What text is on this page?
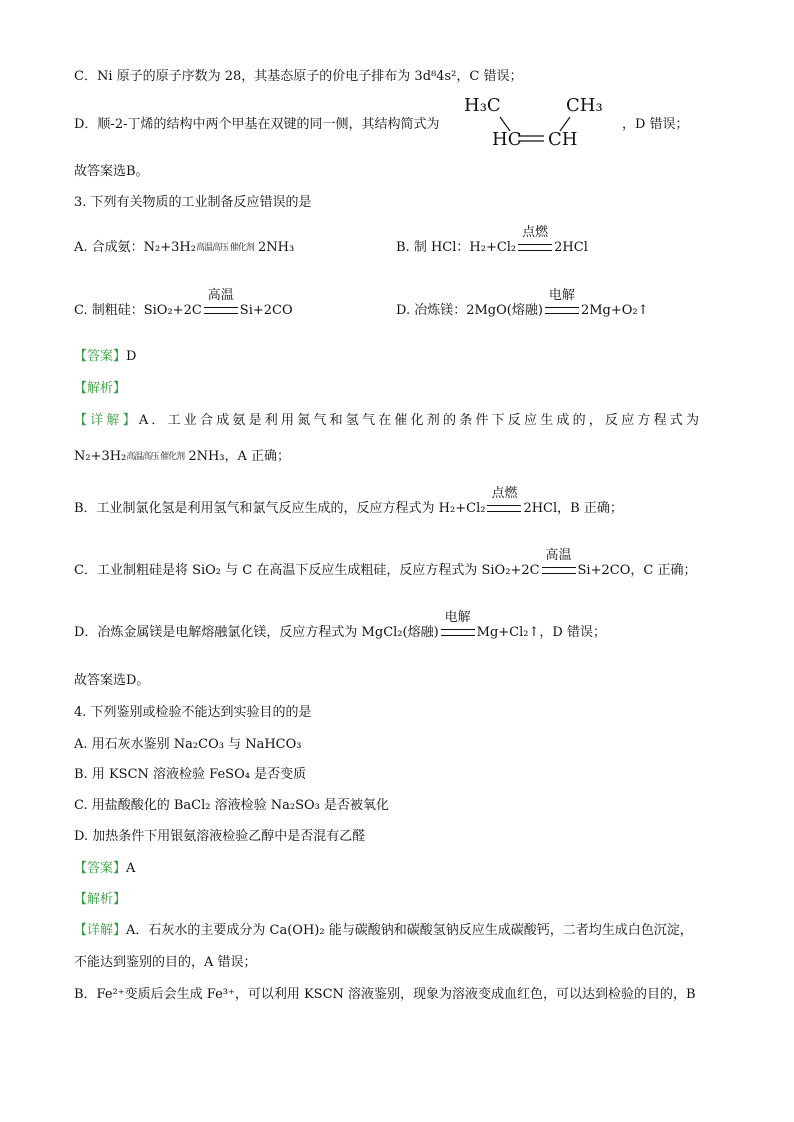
C．Ni 原子的原子序数为 28，其基态原子的价电子排布为 3d⁸4s²，C 错误；
D．顺-2-丁烯的结构中两个甲基在双键的同一侧，其结构简式为
H₃C	CH₃
HC CH
，D 错误；
故答案选B。
3. 下列有关物质的工业制备反应错误的是
A. 合成氨：N₂+3H₂高温高压 催化剂 2NH₃	B. 制 HCl：H₂+Cl₂
点燃
2HCl
C. 制粗硅：SiO₂+2C
高温
Si+2CO	D. 冶炼镁：2MgO(熔融)
电解
2Mg+O₂↑
【答案】D
【解析】
【详解】A．工业合成氨是利用氮气和氢气在催化剂的条件下反应生成的，反应方程式为
N₂+3H₂高温高压 催化剂 2NH₃，A 正确；
B．工业制氯化氢是利用氢气和氯气反应生成的，反应方程式为 H₂+Cl₂
点燃
2HCl，B 正确；
C．工业制粗硅是将 SiO₂ 与 C 在高温下反应生成粗硅，反应方程式为 SiO₂+2C
高温
Si+2CO，C 正确；
D．冶炼金属镁是电解熔融氯化镁，反应方程式为 MgCl₂(熔融)
电解
Mg+Cl₂↑，D 错误；
故答案选D。
4. 下列鉴别或检验不能达到实验目的的是
A. 用石灰水鉴别 Na₂CO₃ 与 NaHCO₃
B. 用 KSCN 溶液检验 FeSO₄ 是否变质
C. 用盐酸酸化的 BaCl₂ 溶液检验 Na₂SO₃ 是否被氧化
D. 加热条件下用银氨溶液检验乙醇中是否混有乙醛
【答案】A
【解析】
【详解】A．石灰水的主要成分为 Ca(OH)₂ 能与碳酸钠和碳酸氢钠反应生成碳酸钙，二者均生成白色沉淀，
不能达到鉴别的目的，A 错误；
B．Fe²⁺变质后会生成 Fe³⁺，可以利用 KSCN 溶液鉴别，现象为溶液变成血红色，可以达到检验的目的，B
